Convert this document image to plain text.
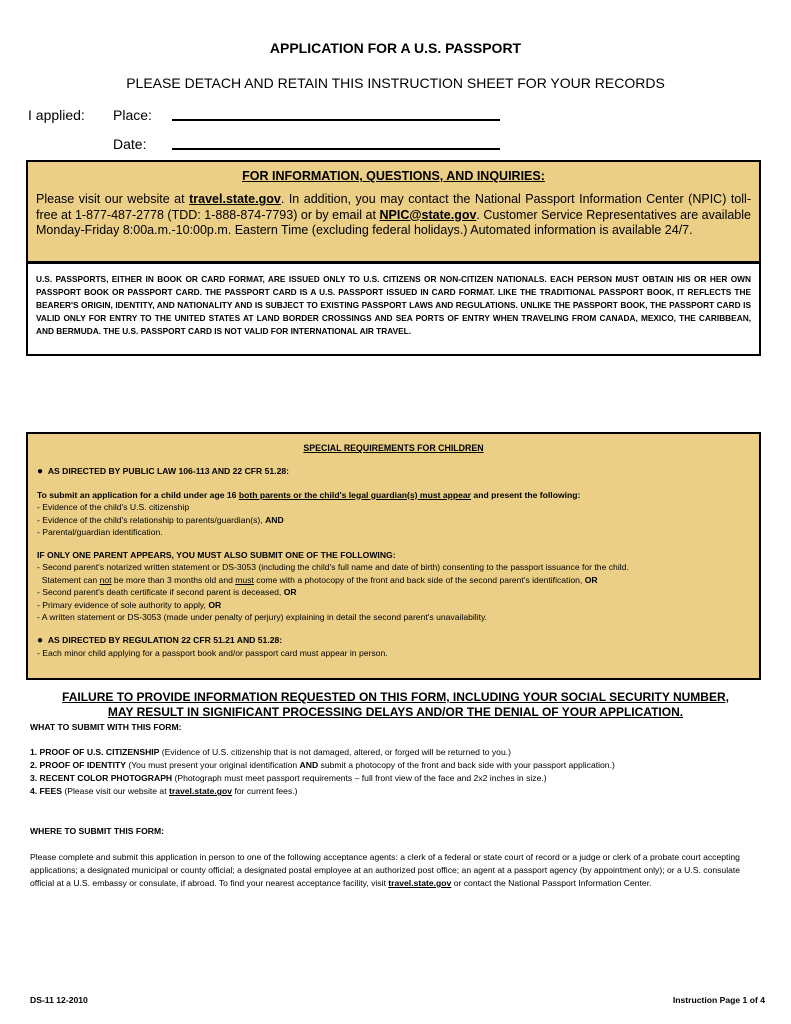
APPLICATION FOR A U.S. PASSPORT
PLEASE DETACH AND RETAIN THIS INSTRUCTION SHEET FOR YOUR RECORDS
I applied: Place:
Date:
FOR INFORMATION, QUESTIONS, AND INQUIRIES:
Please visit our website at travel.state.gov. In addition, you may contact the National Passport Information Center (NPIC) toll-free at 1-877-487-2778 (TDD: 1-888-874-7793) or by email at NPIC@state.gov. Customer Service Representatives are available Monday-Friday 8:00a.m.-10:00p.m. Eastern Time (excluding federal holidays.) Automated information is available 24/7.
U.S. PASSPORTS, EITHER IN BOOK OR CARD FORMAT, ARE ISSUED ONLY TO U.S. CITIZENS OR NON-CITIZEN NATIONALS. EACH PERSON MUST OBTAIN HIS OR HER OWN PASSPORT BOOK OR PASSPORT CARD. THE PASSPORT CARD IS A U.S. PASSPORT ISSUED IN CARD FORMAT. LIKE THE TRADITIONAL PASSPORT BOOK, IT REFLECTS THE BEARER'S ORIGIN, IDENTITY, AND NATIONALITY AND IS SUBJECT TO EXISTING PASSPORT LAWS AND REGULATIONS. UNLIKE THE PASSPORT BOOK, THE PASSPORT CARD IS VALID ONLY FOR ENTRY TO THE UNITED STATES AT LAND BORDER CROSSINGS AND SEA PORTS OF ENTRY WHEN TRAVELING FROM CANADA, MEXICO, THE CARIBBEAN, AND BERMUDA. THE U.S. PASSPORT CARD IS NOT VALID FOR INTERNATIONAL AIR TRAVEL.
SPECIAL REQUIREMENTS FOR CHILDREN

● AS DIRECTED BY PUBLIC LAW 106-113 AND 22 CFR 51.28:

To submit an application for a child under age 16 both parents or the child's legal guardian(s) must appear and present the following:

- Evidence of the child's U.S. citizenship

- Evidence of the child's relationship to parents/guardian(s), AND

- Parental/guardian identification.

IF ONLY ONE PARENT APPEARS, YOU MUST ALSO SUBMIT ONE OF THE FOLLOWING:

- Second parent's notarized written statement or DS-3053 (including the child's full name and date of birth) consenting to the passport issuance for the child.

Statement can not be more than 3 months old and must come with a photocopy of the front and back side of the second parent's identification, OR

- Second parent's death certificate if second parent is deceased, OR

- Primary evidence of sole authority to apply, OR

- A written statement or DS-3053 (made under penalty of perjury) explaining in detail the second parent's unavailability.

● AS DIRECTED BY REGULATION 22 CFR 51.21 AND 51.28:

- Each minor child applying for a passport book and/or passport card must appear in person.

FAILURE TO PROVIDE INFORMATION REQUESTED ON THIS FORM, INCLUDING YOUR SOCIAL SECURITY NUMBER,
MAY RESULT IN SIGNIFICANT PROCESSING DELAYS AND/OR THE DENIAL OF YOUR APPLICATION.
WHAT TO SUBMIT WITH THIS FORM:
1. PROOF OF U.S. CITIZENSHIP (Evidence of U.S. citizenship that is not damaged, altered, or forged will be returned to you.)
2. PROOF OF IDENTITY (You must present your original identification AND submit a photocopy of the front and back side with your passport application.)
3. RECENT COLOR PHOTOGRAPH (Photograph must meet passport requirements – full front view of the face and 2x2 inches in size.)
4. FEES (Please visit our website at travel.state.gov for current fees.)
WHERE TO SUBMIT THIS FORM:
Please complete and submit this application in person to one of the following acceptance agents: a clerk of a federal or state court of record or a judge or clerk of a probate court accepting applications; a designated municipal or county official; a designated postal employee at an authorized post office; an agent at a passport agency (by appointment only); or a U.S. consulate official at a U.S. embassy or consulate, if abroad. To find your nearest acceptance facility, visit travel.state.gov or contact the National Passport Information Center.
DS-11 12-2010	Instruction Page 1 of 4
